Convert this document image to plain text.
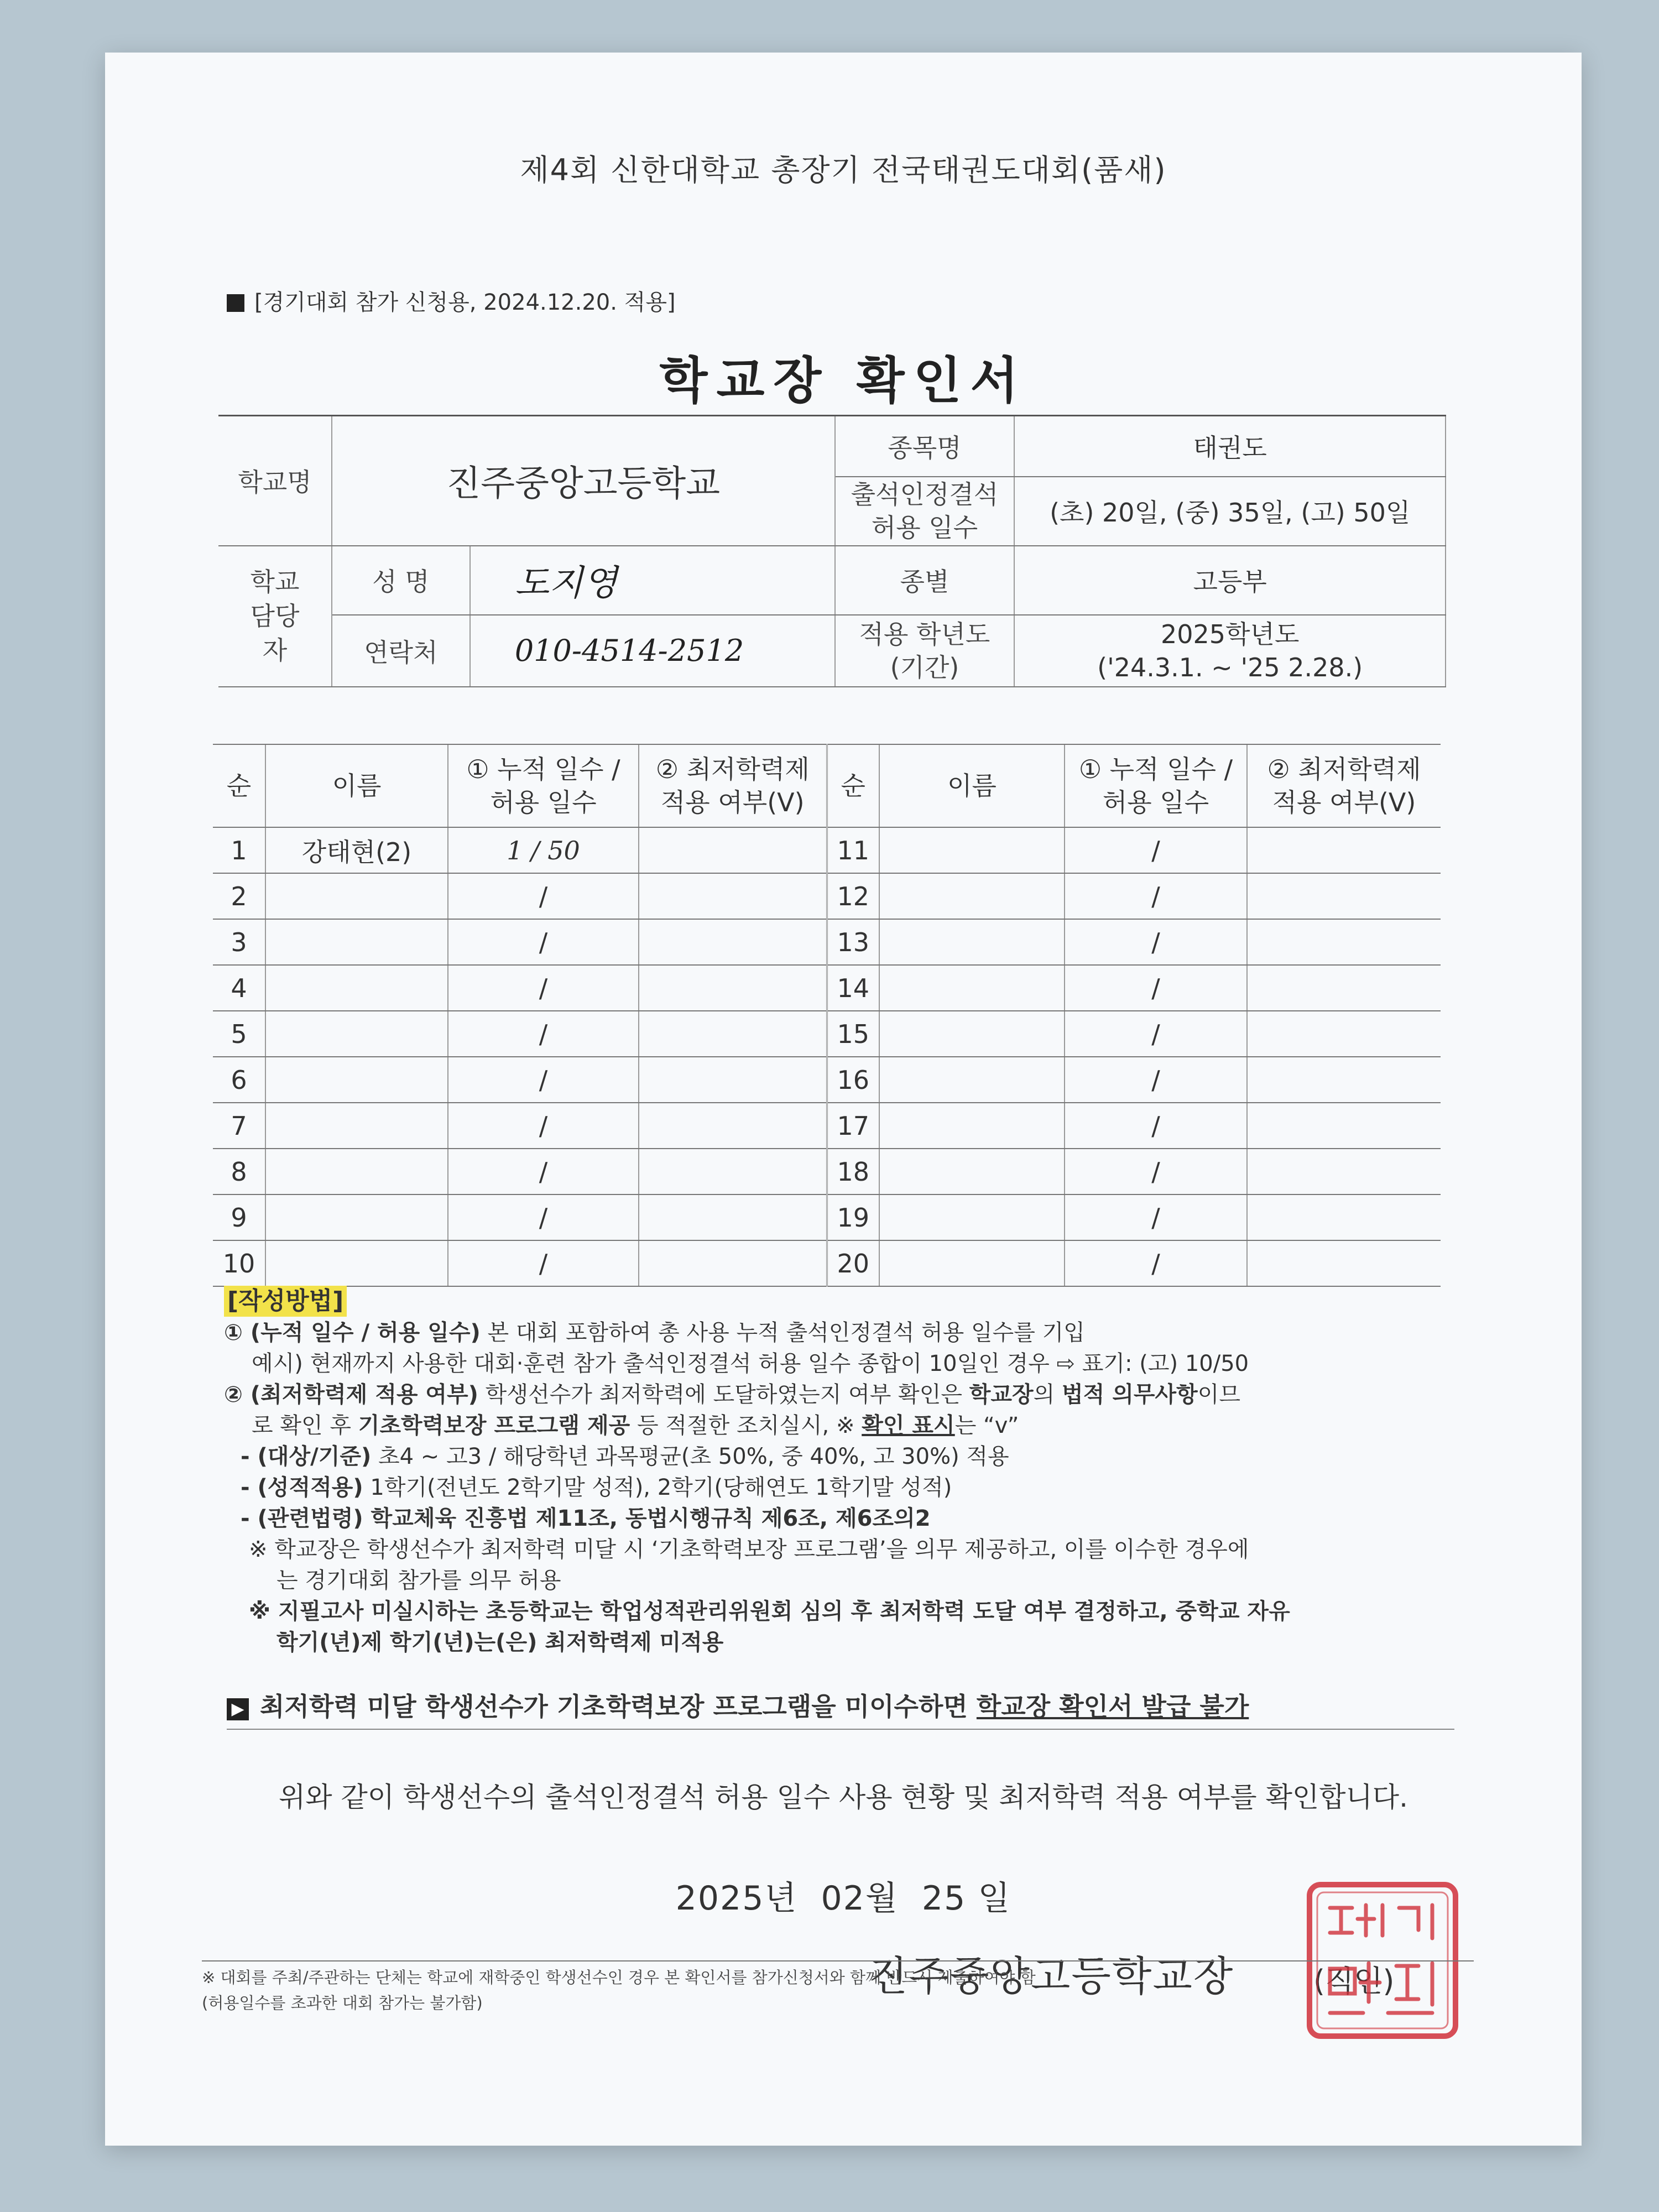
제4회 신한대학교 총장기 전국태권도대회(품새)
[경기대회 참가 신청용, 2024.12.20. 적용]
학교장 확인서
학교명	진주중앙고등학교		종목명	태권도
			출석인정결석 허용 일수	(초) 20일, (중) 35일, (고) 50일
학교 담당자	성 명	도지영	종별	고등부
	연락처	010-4514-2512	적용 학년도 (기간)	2025학년도
('24.3.1. ~ '25 2.28.)
순	이름	① 누적 일수 / 허용 일수	② 최저학력제 적용 여부(V)	순	이름	① 누적 일수 / 허용 일수	② 최저학력제 적용 여부(V)
1	강태현(2)	1 / 50		11		/	
2		/		12		/	
3		/		13		/	
4		/		14		/	
5		/		15		/	
6		/		16		/	
7		/		17		/	
8		/		18		/	
9		/		19		/	
10		/		20		/	

[작성방법]

① (누적 일수 / 허용 일수) 본 대회 포함하여 총 사용 누적 출석인정결석 허용 일수를 기입

예시) 현재까지 사용한 대회·훈련 참가 출석인정결석 허용 일수 종합이 10일인 경우 ⇨ 표기: (고) 10/50

② (최저학력제 적용 여부) 학생선수가 최저학력에 도달하였는지 여부 확인은 학교장의 법적 의무사항이므

로 확인 후 기초학력보장 프로그램 제공 등 적절한 조치실시, ※ 확인 표시는 “v”

- (대상/기준) 초4 ~ 고3 / 해당학년 과목평균(초 50%, 중 40%, 고 30%) 적용

- (성적적용) 1학기(전년도 2학기말 성적), 2학기(당해연도 1학기말 성적)

- (관련법령) 학교체육 진흥법 제11조, 동법시행규칙 제6조, 제6조의2

※ 학교장은 학생선수가 최저학력 미달 시 ‘기초학력보장 프로그램’을 의무 제공하고, 이를 이수한 경우에

는 경기대회 참가를 의무 허용

※ 지필고사 미실시하는 초등학교는 학업성적관리위원회 심의 후 최저학력 도달 여부 결정하고, 중학교 자유

학기(년)제 학기(년)는(은) 최저학력제 미적용

▶ 최저학력 미달 학생선수가 기초학력보장 프로그램을 미이수하면 학교장 확인서 발급 불가
위와 같이 학생선수의 출석인정결석 허용 일수 사용 현황 및 최저학력 적용 여부를 확인합니다.
2025년  02월  25 일
진주중앙고등학교장	(직인)
※ 대회를 주최/주관하는 단체는 학교에 재학중인 학생선수인 경우 본 확인서를 참가신청서와 함께 반드시 제출하여야 함
(허용일수를 초과한 대회 참가는 불가함)
